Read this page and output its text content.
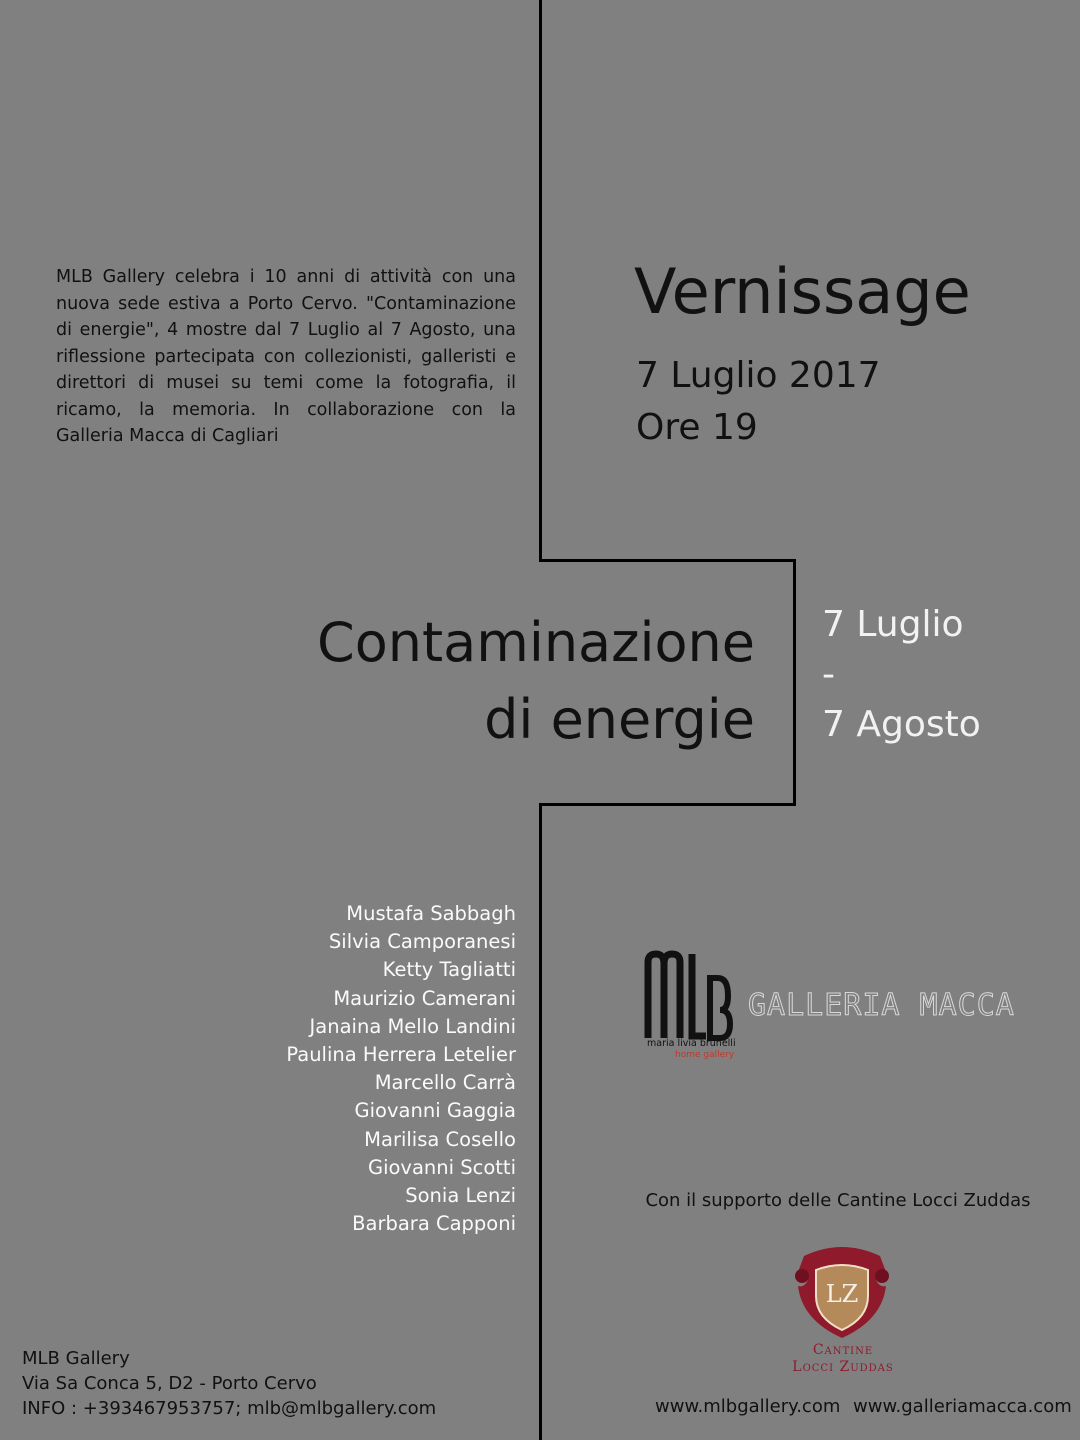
MLB Gallery celebra i 10 anni di attività con una nuova sede estiva a Porto Cervo. "Contaminazione di energie", 4 mostre dal 7 Luglio al 7 Agosto, una riflessione partecipata con collezionisti, galleristi e direttori di musei su temi come la fotografia, il ricamo, la memoria. In collaborazione con la Galleria Macca di Cagliari
Vernissage
7 Luglio 2017
Ore 19
Contaminazione
di energie
7 Luglio
-
7 Agosto
Mustafa Sabbagh
Silvia Camporanesi
Ketty Tagliatti
Maurizio Camerani
Janaina Mello Landini
Paulina Herrera Letelier
Marcello Carrà
Giovanni Gaggia
Marilisa Cosello
Giovanni Scotti
Sonia Lenzi
Barbara Capponi
maria livia brunelli
home gallery
GALLERIA MACCA
Con il supporto delle Cantine Locci Zuddas
LZ
Cantine
Locci Zuddas
MLB Gallery
Via Sa Conca 5, D2 - Porto Cervo
INFO : +393467953757; mlb@mlbgallery.com	www.mlbgallery.com www.galleriamacca.com
